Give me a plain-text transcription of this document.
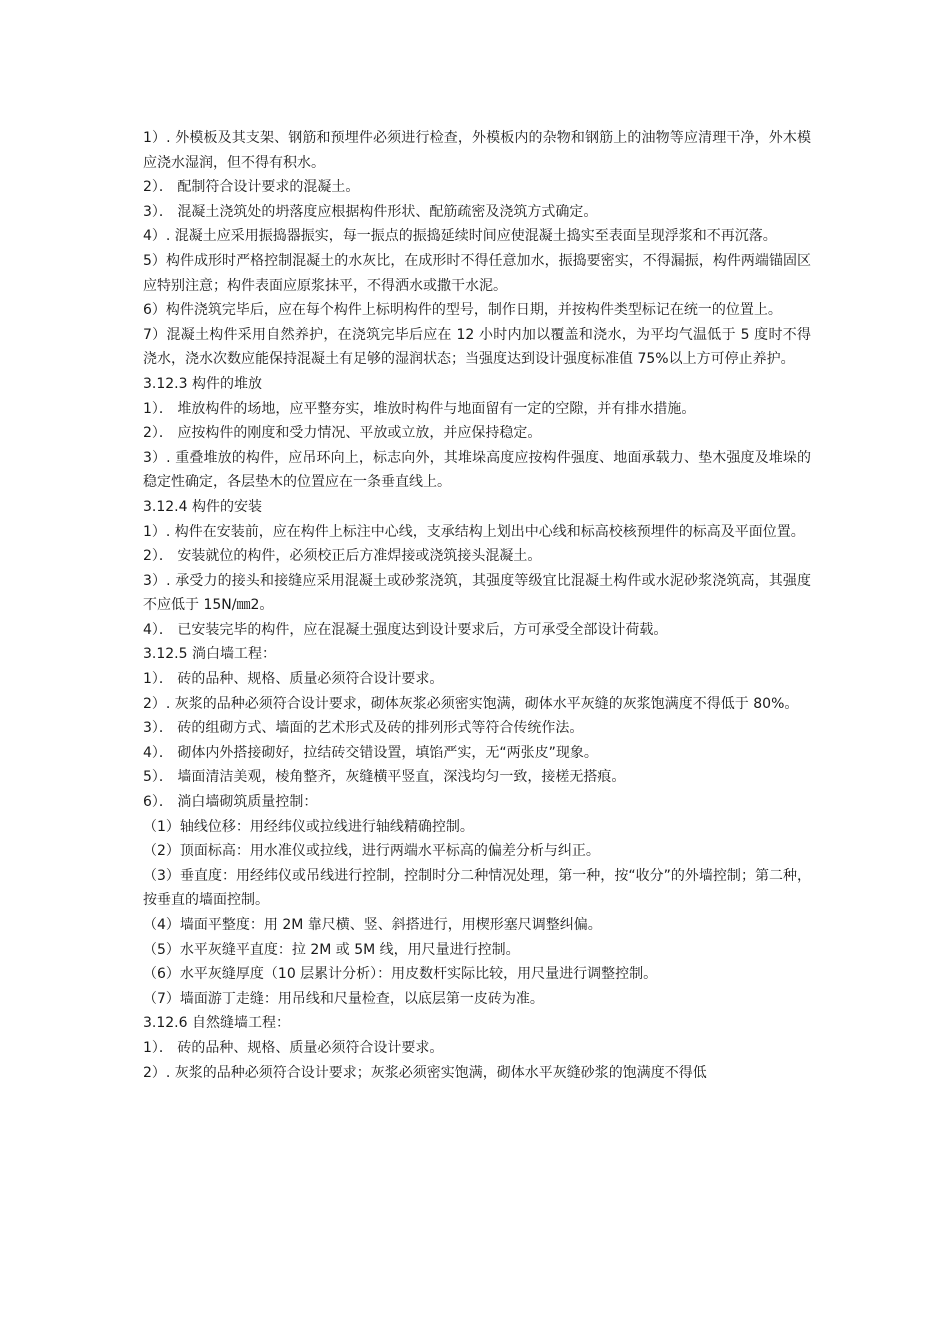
1）. 外模板及其支架、钢筋和预埋件必须进行检查，外模板内的杂物和钢筋上的油物等应清理干净，外木模应浇水湿润，但不得有积水。

2）． 配制符合设计要求的混凝土。

3）． 混凝土浇筑处的坍落度应根据构件形状、配筋疏密及浇筑方式确定。

4）. 混凝土应采用振捣器振实，每一振点的振捣延续时间应使混凝土捣实至表面呈现浮浆和不再沉落。

5）构件成形时严格控制混凝土的水灰比，在成形时不得任意加水，振捣要密实，不得漏振，构件两端锚固区应特别注意；构件表面应原浆抹平，不得洒水或撒干水泥。

6）构件浇筑完毕后，应在每个构件上标明构件的型号，制作日期，并按构件类型标记在统一的位置上。

7）混凝土构件采用自然养护，在浇筑完毕后应在 12 小时内加以覆盖和浇水，为平均气温低于 5 度时不得浇水，浇水次数应能保持混凝土有足够的湿润状态；当强度达到设计强度标准值 75%以上方可停止养护。

3.12.3 构件的堆放

1）． 堆放构件的场地，应平整夯实，堆放时构件与地面留有一定的空隙，并有排水措施。

2）． 应按构件的刚度和受力情况、平放或立放，并应保持稳定。

3）. 重叠堆放的构件，应吊环向上，标志向外，其堆垛高度应按构件强度、地面承载力、垫木强度及堆垛的稳定性确定，各层垫木的位置应在一条垂直线上。

3.12.4 构件的安装

1）. 构件在安装前，应在构件上标注中心线，支承结构上划出中心线和标高校核预埋件的标高及平面位置。

2）． 安装就位的构件，必须校正后方准焊接或浇筑接头混凝土。

3）. 承受力的接头和接缝应采用混凝土或砂浆浇筑，其强度等级宜比混凝土构件或水泥砂浆浇筑高，其强度不应低于 15N/㎜2。

4）． 已安装完毕的构件，应在混凝土强度达到设计要求后，方可承受全部设计荷载。

3.12.5 淌白墙工程：

1）． 砖的品种、规格、质量必须符合设计要求。

2）. 灰浆的品种必须符合设计要求，砌体灰浆必须密实饱满，砌体水平灰缝的灰浆饱满度不得低于 80%。

3）． 砖的组砌方式、墙面的艺术形式及砖的排列形式等符合传统作法。

4）． 砌体内外搭接砌好，拉结砖交错设置，填馅严实，无“两张皮”现象。

5）． 墙面清洁美观，棱角整齐，灰缝横平竖直，深浅均匀一致，接槎无搭痕。

6）． 淌白墙砌筑质量控制：

（1）轴线位移：用经纬仪或拉线进行轴线精确控制。

（2）顶面标高：用水准仪或拉线，进行两端水平标高的偏差分析与纠正。

（3）垂直度：用经纬仪或吊线进行控制，控制时分二种情况处理，第一种，按“收分”的外墙控制；第二种，按垂直的墙面控制。

（4）墙面平整度：用 2M 靠尺横、竖、斜搭进行，用楔形塞尺调整纠偏。

（5）水平灰缝平直度：拉 2M 或 5M 线，用尺量进行控制。

（6）水平灰缝厚度（10 层累计分析）：用皮数杆实际比较，用尺量进行调整控制。

（7）墙面游丁走缝：用吊线和尺量检查，以底层第一皮砖为准。

3.12.6 自然缝墙工程：

1）． 砖的品种、规格、质量必须符合设计要求。

2）. 灰浆的品种必须符合设计要求；灰浆必须密实饱满，砌体水平灰缝砂浆的饱满度不得低
